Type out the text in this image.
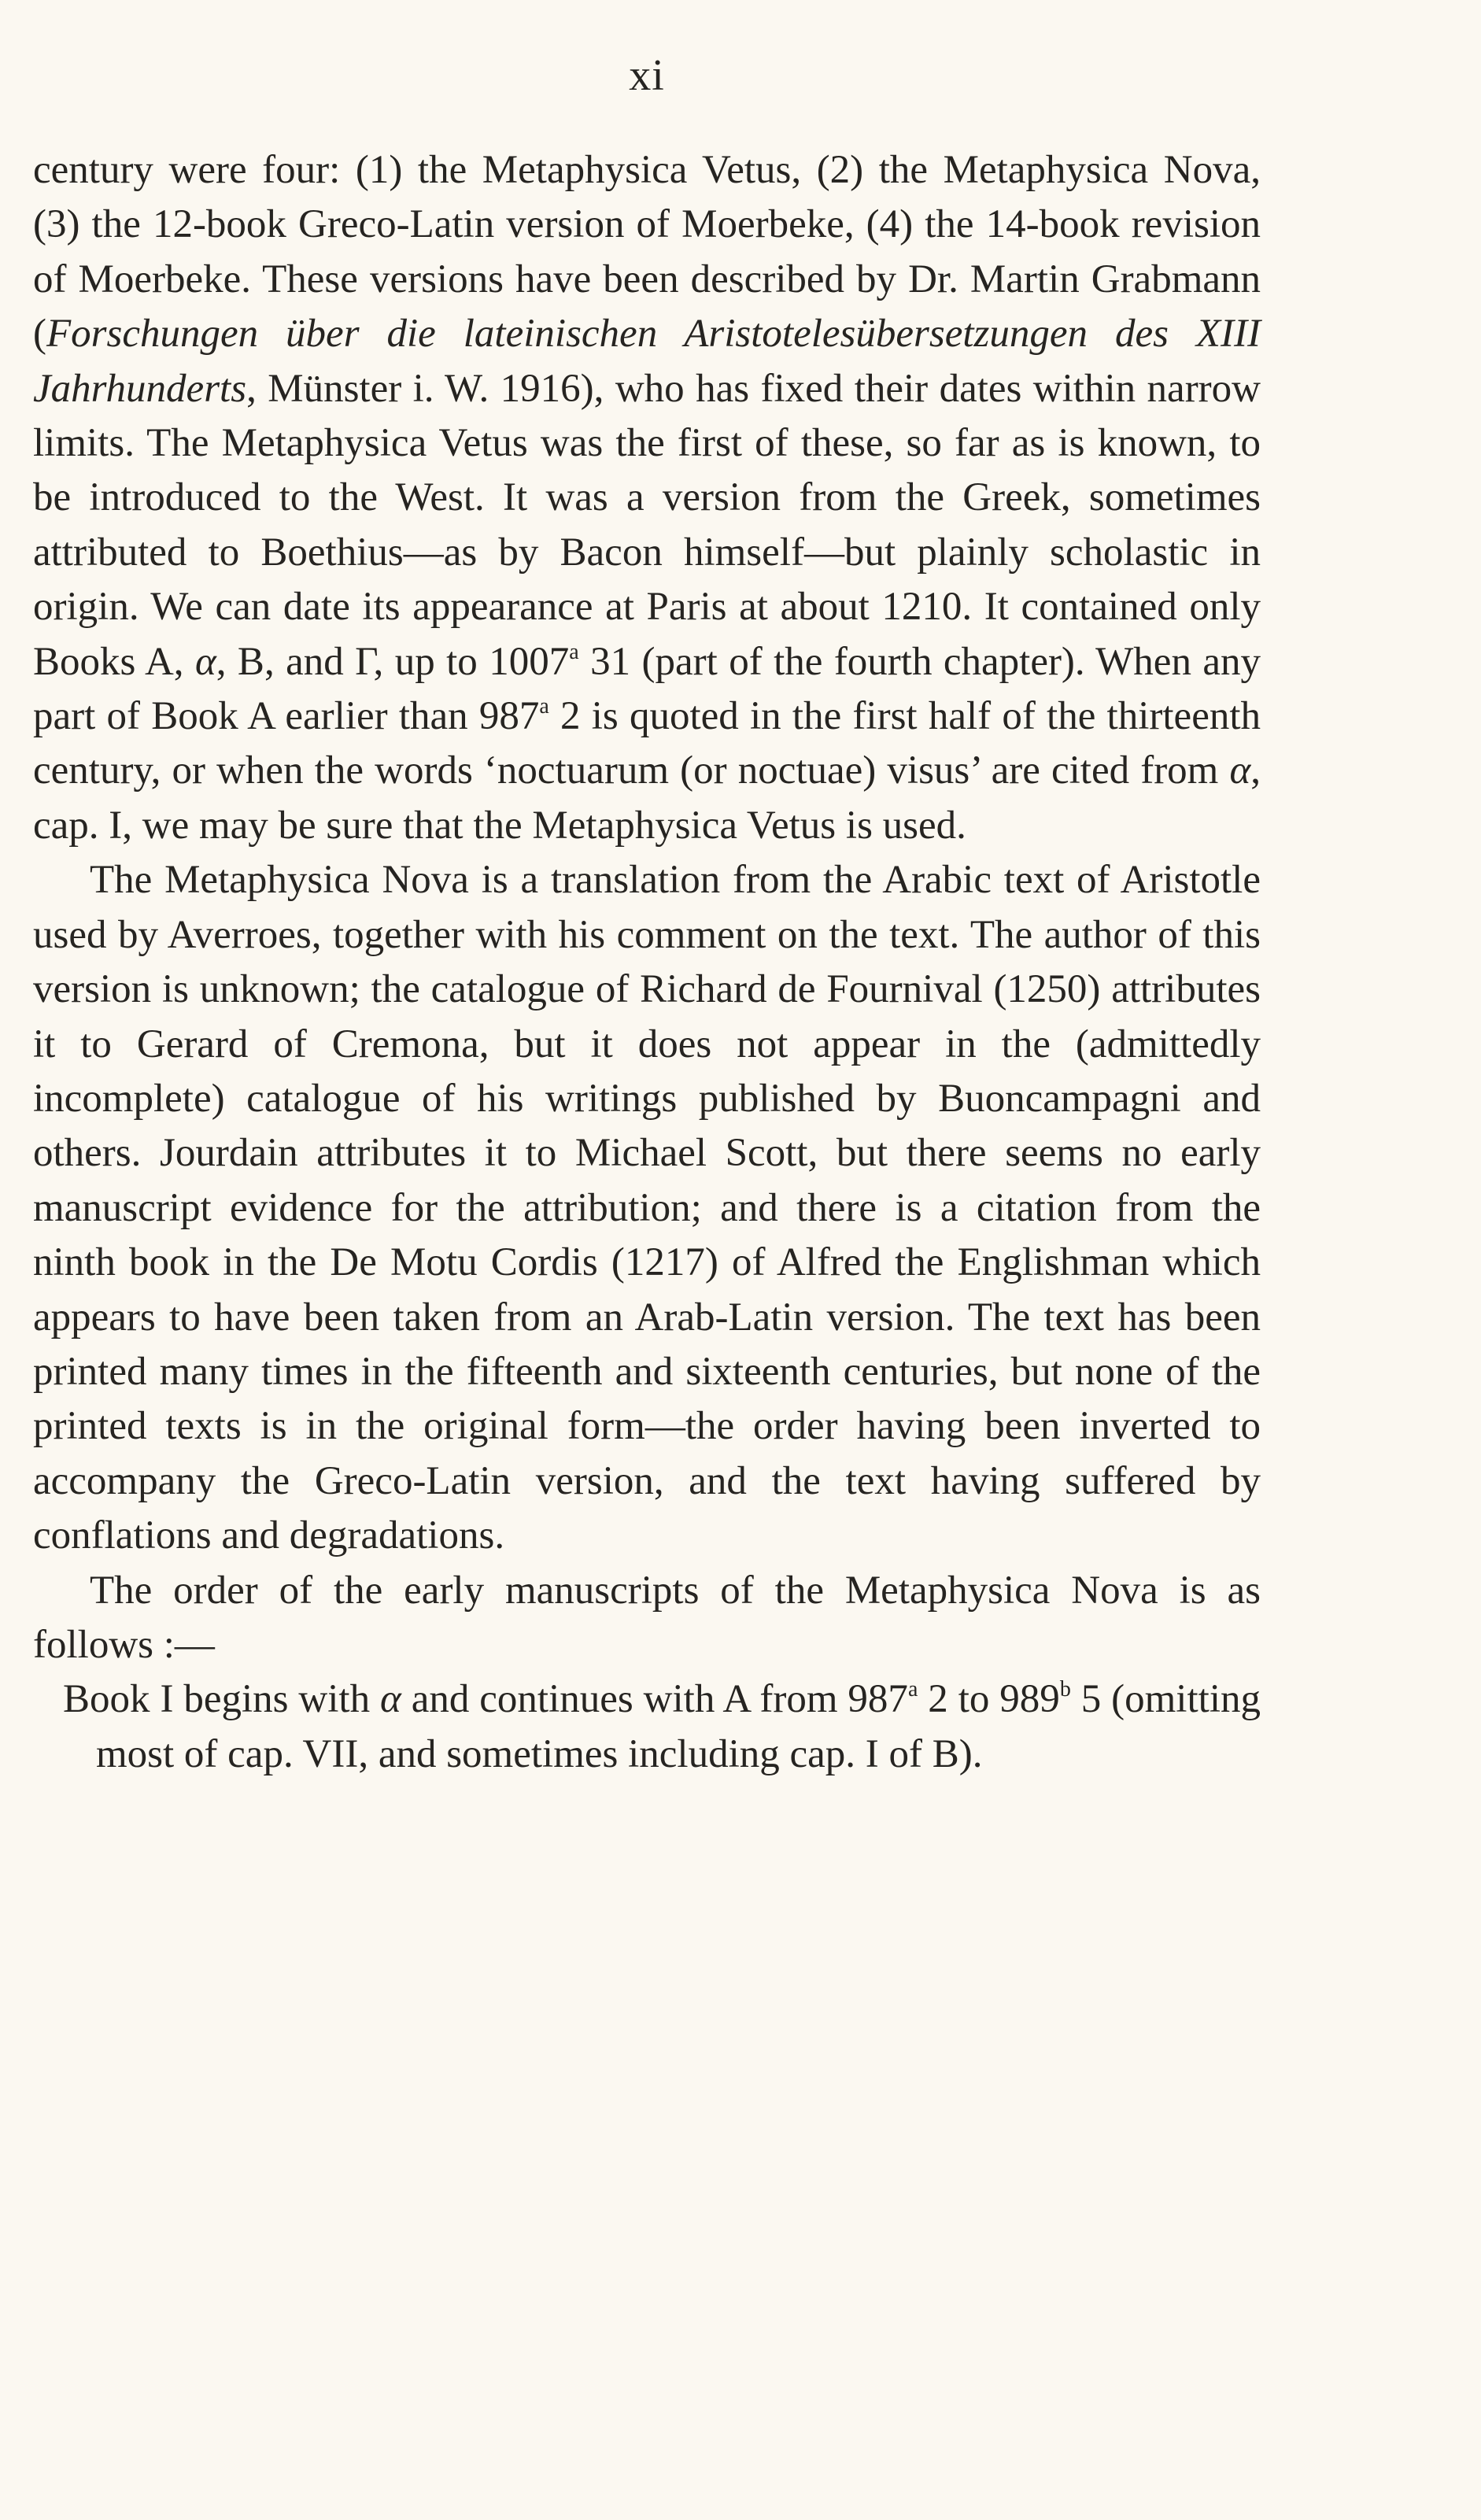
xi

century were four: (1) the Metaphysica Vetus, (2) the Metaphysica Nova, (3) the 12-book Greco-Latin version of Moerbeke, (4) the 14-book revision of Moerbeke. These versions have been described by Dr. Martin Grabmann (Forschungen über die lateinischen Aristotelesübersetzungen des XIII Jahrhunderts, Münster i. W. 1916), who has fixed their dates within narrow limits. The Metaphysica Vetus was the first of these, so far as is known, to be introduced to the West. It was a version from the Greek, sometimes attributed to Boethius—as by Bacon himself—but plainly scholastic in origin. We can date its appearance at Paris at about 1210. It contained only Books A, α, B, and Γ, up to 1007$^a$ 31 (part of the fourth chapter). When any part of Book A earlier than 987$^a$ 2 is quoted in the first half of the thirteenth century, or when the words ‘noctuarum (or noctuae) visus’ are cited from α, cap. I, we may be sure that the Metaphysica Vetus is used.

The Metaphysica Nova is a translation from the Arabic text of Aristotle used by Averroes, together with his comment on the text. The author of this version is unknown; the catalogue of Richard de Fournival (1250) attributes it to Gerard of Cremona, but it does not appear in the (admittedly incomplete) catalogue of his writings published by Buoncampagni and others. Jourdain attributes it to Michael Scott, but there seems no early manuscript evidence for the attribution; and there is a citation from the ninth book in the De Motu Cordis (1217) of Alfred the Englishman which appears to have been taken from an Arab-Latin version. The text has been printed many times in the fifteenth and sixteenth centuries, but none of the printed texts is in the original form—the order having been inverted to accompany the Greco-Latin version, and the text having suffered by conflations and degradations.

The order of the early manuscripts of the Metaphysica Nova is as follows :—

Book I begins with α and continues with A from 987$^a$ 2 to 989$^b$ 5 (omitting most of cap. VII, and sometimes including cap. I of B).
